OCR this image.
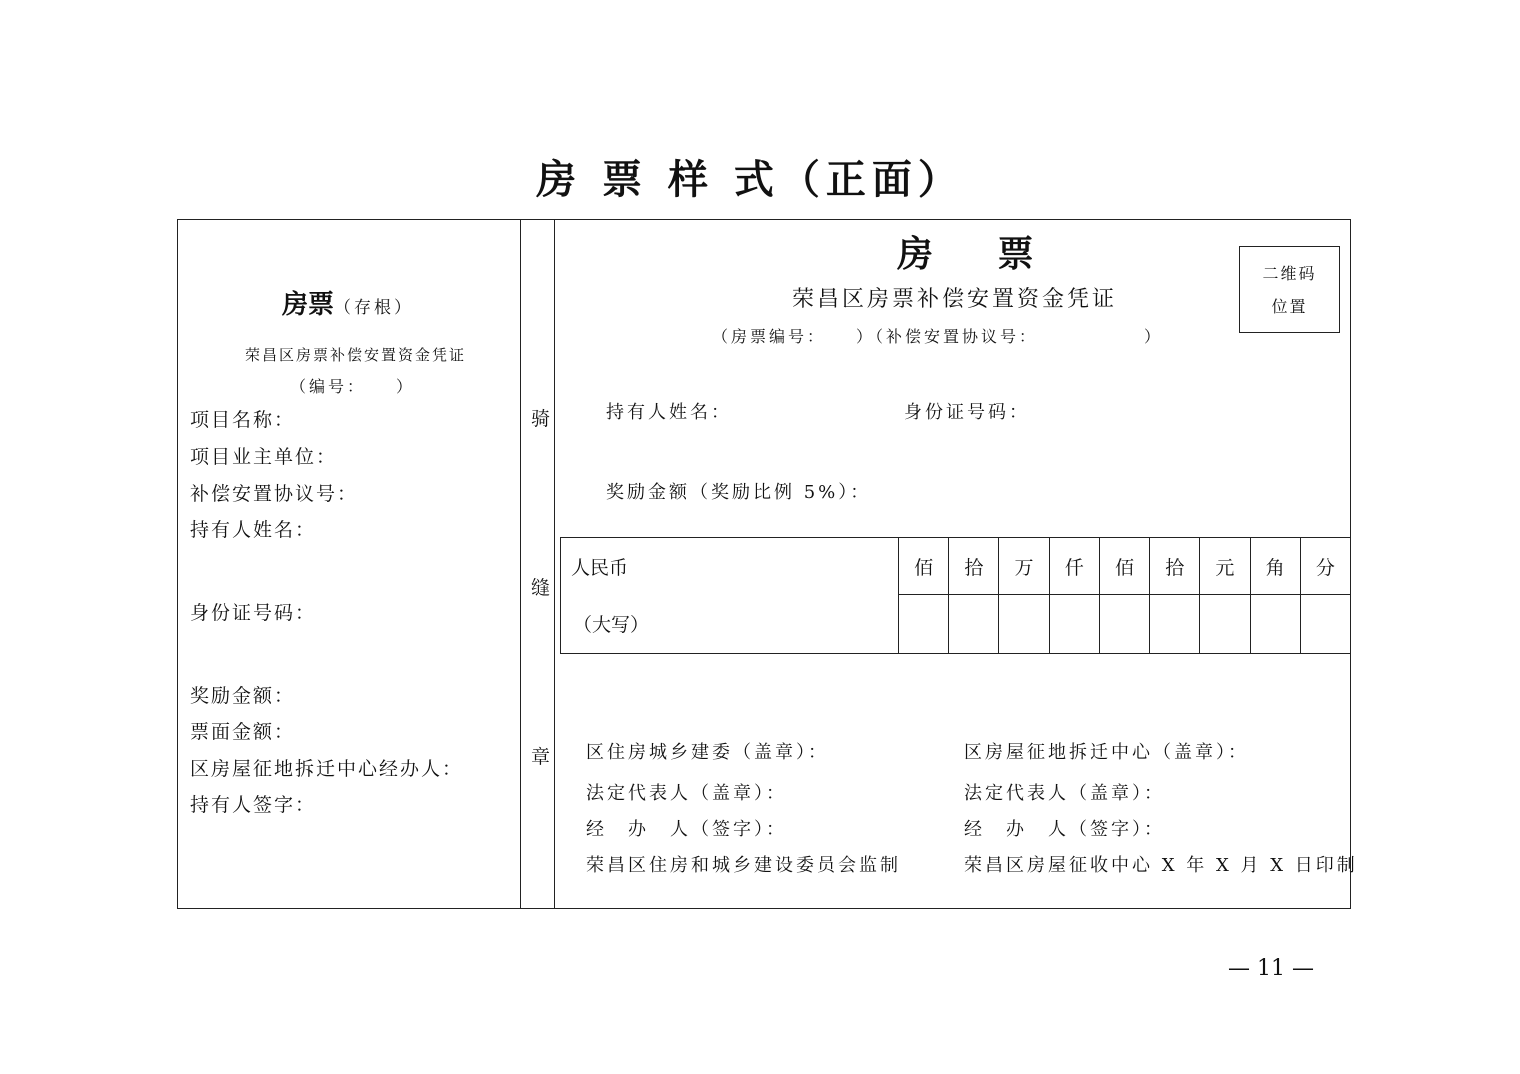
房 票 样 式（正面）
房票（存根）
荣昌区房票补偿安置资金凭证
（编号：　　）
项目名称：
项目业主单位：
补偿安置协议号：
持有人姓名：
身份证号码：
奖励金额：
票面金额：
区房屋征地拆迁中心经办人：
持有人签字：
骑
缝
章
房 票
荣昌区房票补偿安置资金凭证
（房票编号：　　）（补偿安置协议号：　　　　　　）
二维码
位置
持有人姓名：	身份证号码：
奖励金额（奖励比例 5%）：
人民币	佰	拾	万	仟	佰	拾	元	角	分
（大写）									
区住房城乡建委（盖章）：
法定代表人（盖章）：
经　办　人（签字）：
荣昌区住房和城乡建设委员会监制
区房屋征地拆迁中心（盖章）：
法定代表人（盖章）：
经　办　人（签字）：
荣昌区房屋征收中心 X 年 X 月 X 日印制
— 11 —
